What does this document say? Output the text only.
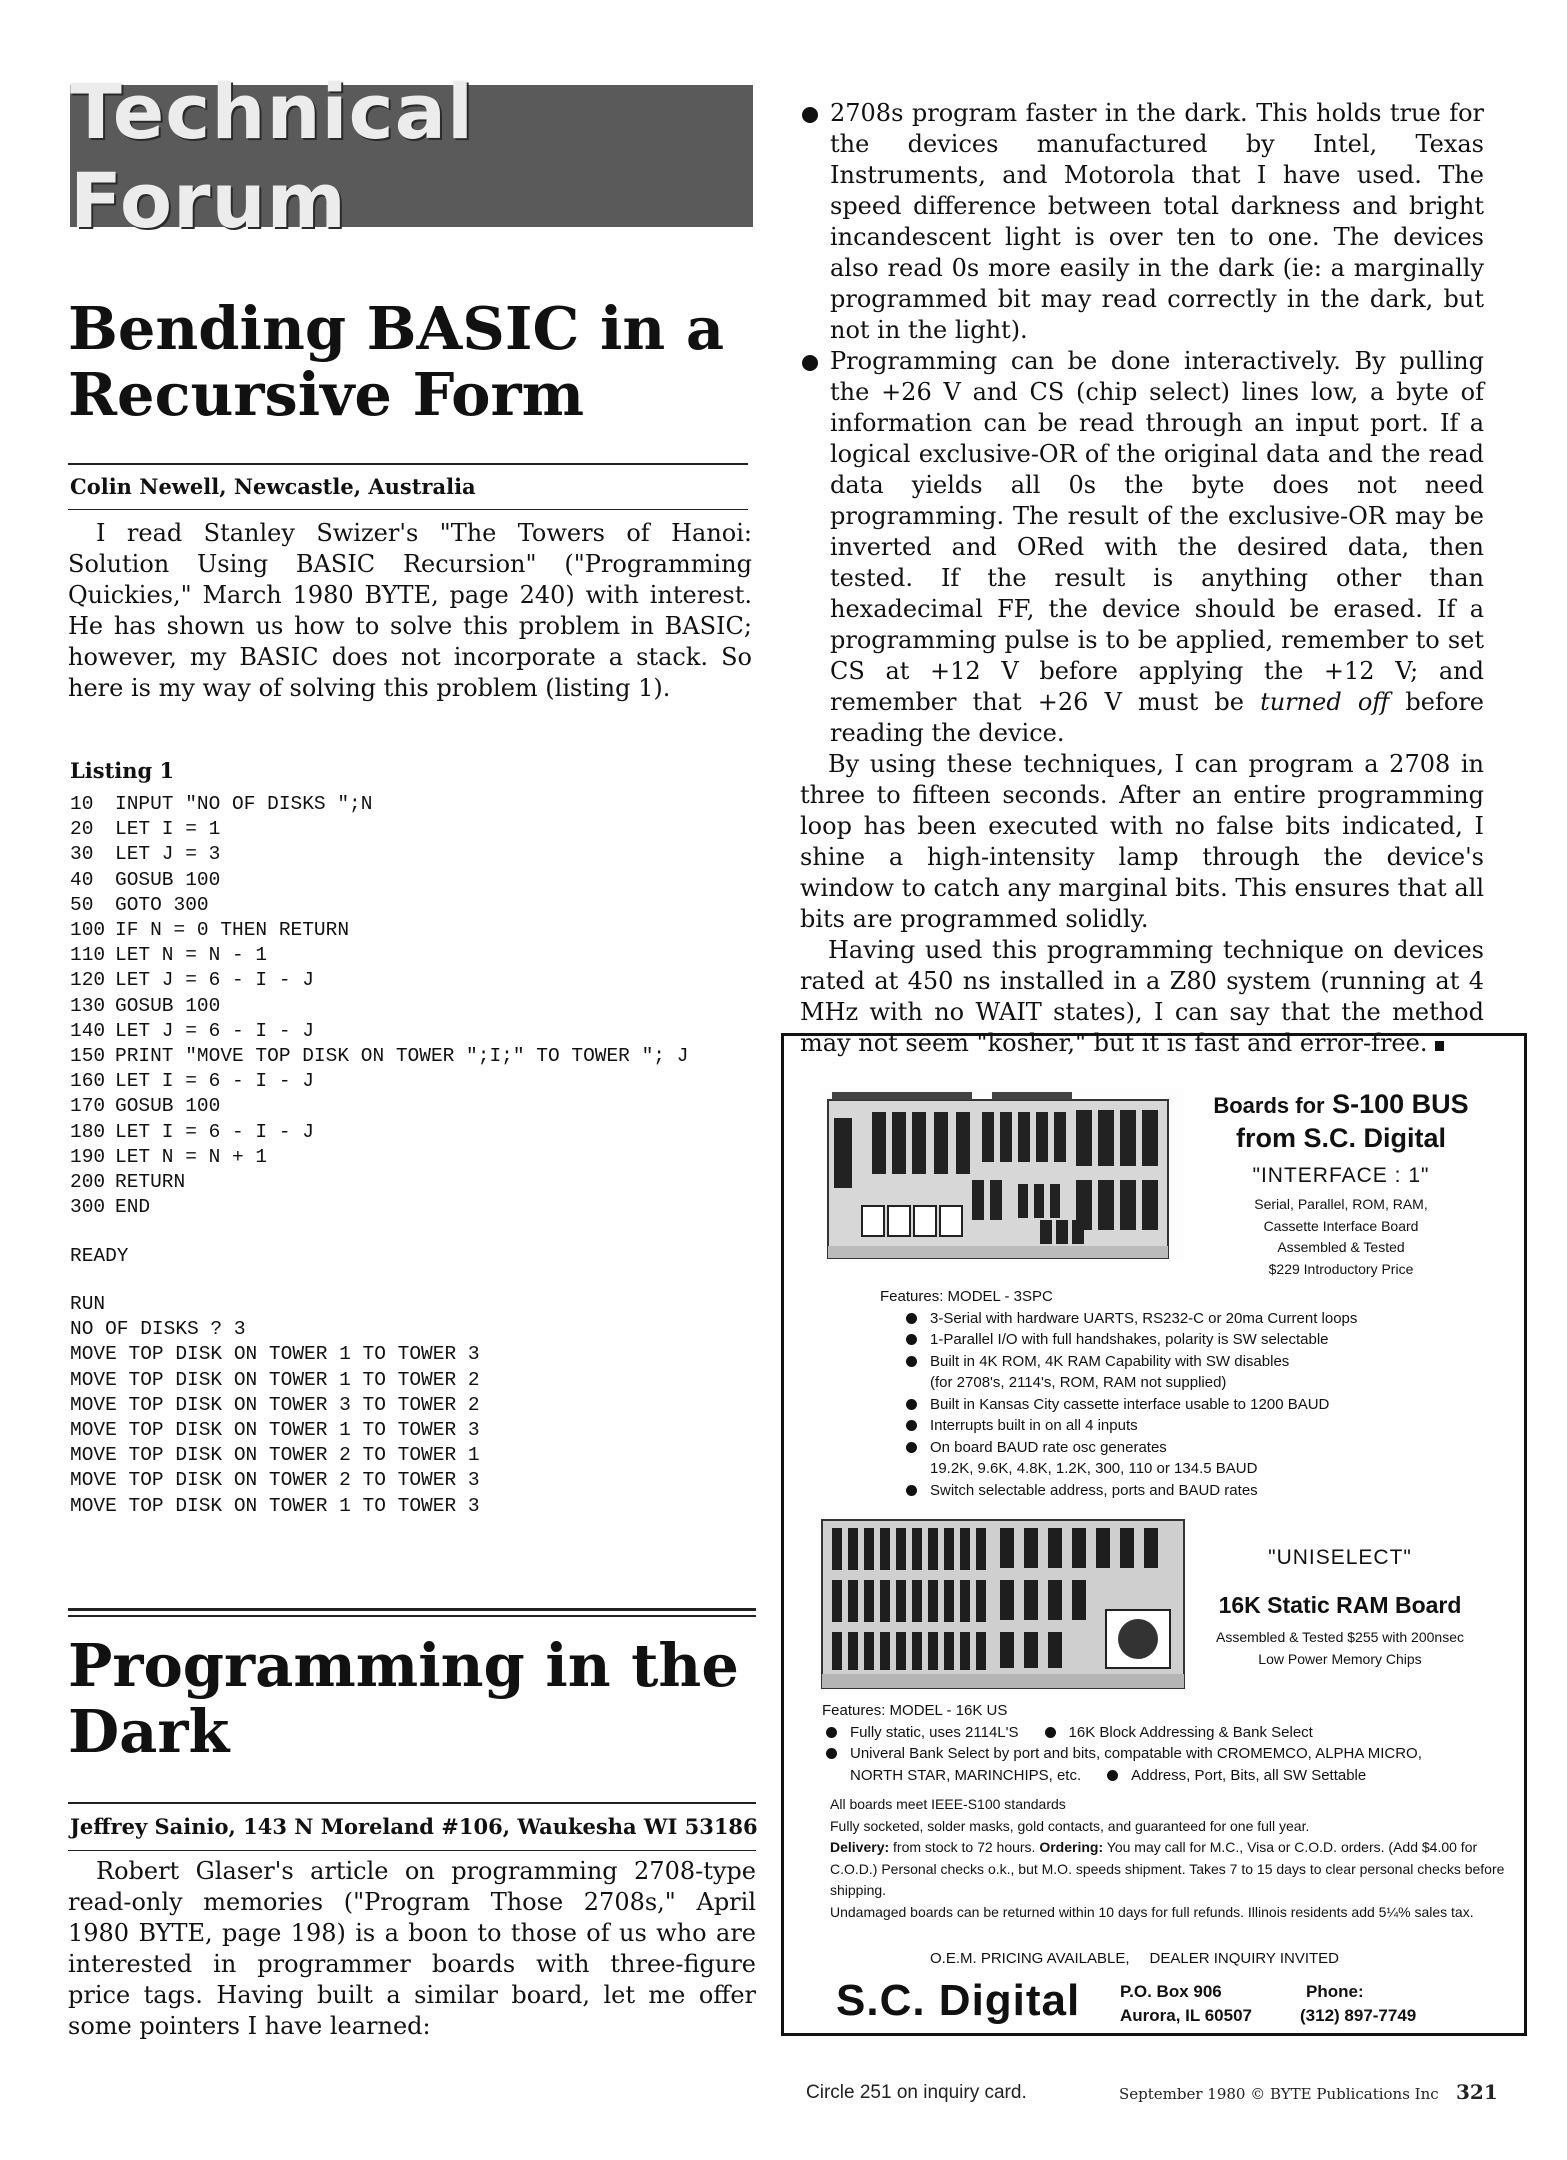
Technical Forum
Bending BASIC in a
Recursive Form
Colin Newell, Newcastle, Australia

I read Stanley Swizer's "The Towers of Hanoi: Solution Using BASIC Recursion" ("Programming Quickies," March 1980 BYTE, page 240) with interest. He has shown us how to solve this problem in BASIC; however, my BASIC does not incorporate a stack. So here is my way of solving this problem (listing 1).

Listing 1
10	INPUT "NO OF DISKS ";N
20	LET I = 1
30	LET J = 3
40	GOSUB 100
50	GOTO 300
100 IF N = 0 THEN RETURN
110 LET N = N - 1
120 LET J = 6 - I - J
130 GOSUB 100
140 LET J = 6 - I - J
150 PRINT "MOVE TOP DISK ON TOWER ";I;" TO TOWER "; J
160 LET I = 6 - I - J
170 GOSUB 100
180 LET I = 6 - I - J
190 LET N = N + 1
200 RETURN
300 END
READY
RUN
NO OF DISKS ? 3
MOVE TOP DISK ON TOWER 1 TO TOWER 3
MOVE TOP DISK ON TOWER 1 TO TOWER 2
MOVE TOP DISK ON TOWER 3 TO TOWER 2
MOVE TOP DISK ON TOWER 1 TO TOWER 3
MOVE TOP DISK ON TOWER 2 TO TOWER 1
MOVE TOP DISK ON TOWER 2 TO TOWER 3
MOVE TOP DISK ON TOWER 1 TO TOWER 3
Programming in the
Dark
Jeffrey Sainio, 143 N Moreland #106, Waukesha WI 53186

Robert Glaser's article on programming 2708-type read-only memories ("Program Those 2708s," April 1980 BYTE, page 198) is a boon to those of us who are interested in programmer boards with three-figure price tags. Having built a similar board, let me offer some pointers I have learned:

2708s program faster in the dark. This holds true for the devices manufactured by Intel, Texas Instruments, and Motorola that I have used. The speed difference between total darkness and bright incandescent light is over ten to one. The devices also read 0s more easily in the dark (ie: a marginally programmed bit may read correctly in the dark, but not in the light).

Programming can be done interactively. By pulling the +26 V and CS (chip select) lines low, a byte of information can be read through an input port. If a logical exclusive-OR of the original data and the read data yields all 0s the byte does not need programming. The result of the exclusive-OR may be inverted and ORed with the desired data, then tested. If the result is anything other than hexadecimal FF, the device should be erased. If a programming pulse is to be applied, remember to set CS at +12 V before applying the +12 V; and remember that +26 V must be turned off before reading the device.

By using these techniques, I can program a 2708 in three to fifteen seconds. After an entire programming loop has been executed with no false bits indicated, I shine a high-intensity lamp through the device's window to catch any marginal bits. This ensures that all bits are programmed solidly.

Having used this programming technique on devices rated at 450 ns installed in a Z80 system (running at 4 MHz with no WAIT states), I can say that the method may not seem "kosher," but it is fast and error-free.

Boards for S-100 BUS
from S.C. Digital
"INTERFACE : 1"
Serial, Parallel, ROM, RAM,
Cassette Interface Board
Assembled & Tested
$229 Introductory Price
Features: MODEL - 3SPC
3-Serial with hardware UARTS, RS232-C or 20ma Current loops
1-Parallel I/O with full handshakes, polarity is SW selectable
Built in 4K ROM, 4K RAM Capability with SW disables
(for 2708's, 2114's, ROM, RAM not supplied)
Built in Kansas City cassette interface usable to 1200 BAUD
Interrupts built in on all 4 inputs
On board BAUD rate osc generates
19.2K, 9.6K, 4.8K, 1.2K, 300, 110 or 134.5 BAUD
Switch selectable address, ports and BAUD rates
"UNISELECT"
16K Static RAM Board
Assembled & Tested $255 with 200nsec
Low Power Memory Chips
Features: MODEL - 16K US
Fully static, uses 2114L'S	16K Block Addressing & Bank Select
Univeral Bank Select by port and bits, compatable with CROMEMCO, ALPHA MICRO,
NORTH STAR, MARINCHIPS, etc.	Address, Port, Bits, all SW Settable
All boards meet IEEE-S100 standards
Fully socketed, solder masks, gold contacts, and guaranteed for one full year.
Delivery: from stock to 72 hours. Ordering: You may call for M.C., Visa or C.O.D. orders. (Add $4.00 for C.O.D.) Personal checks o.k., but M.O. speeds shipment. Takes 7 to 15 days to clear personal checks before shipping.
Undamaged boards can be returned within 10 days for full refunds. Illinois residents add 5¼% sales tax.
O.E.M. PRICING AVAILABLE, DEALER INQUIRY INVITED
S.C. Digital P.O. Box 906
Aurora, IL 60507
Phone:
(312) 897-7749
Circle 251 on inquiry card.	September 1980 © BYTE Publications Inc 321
